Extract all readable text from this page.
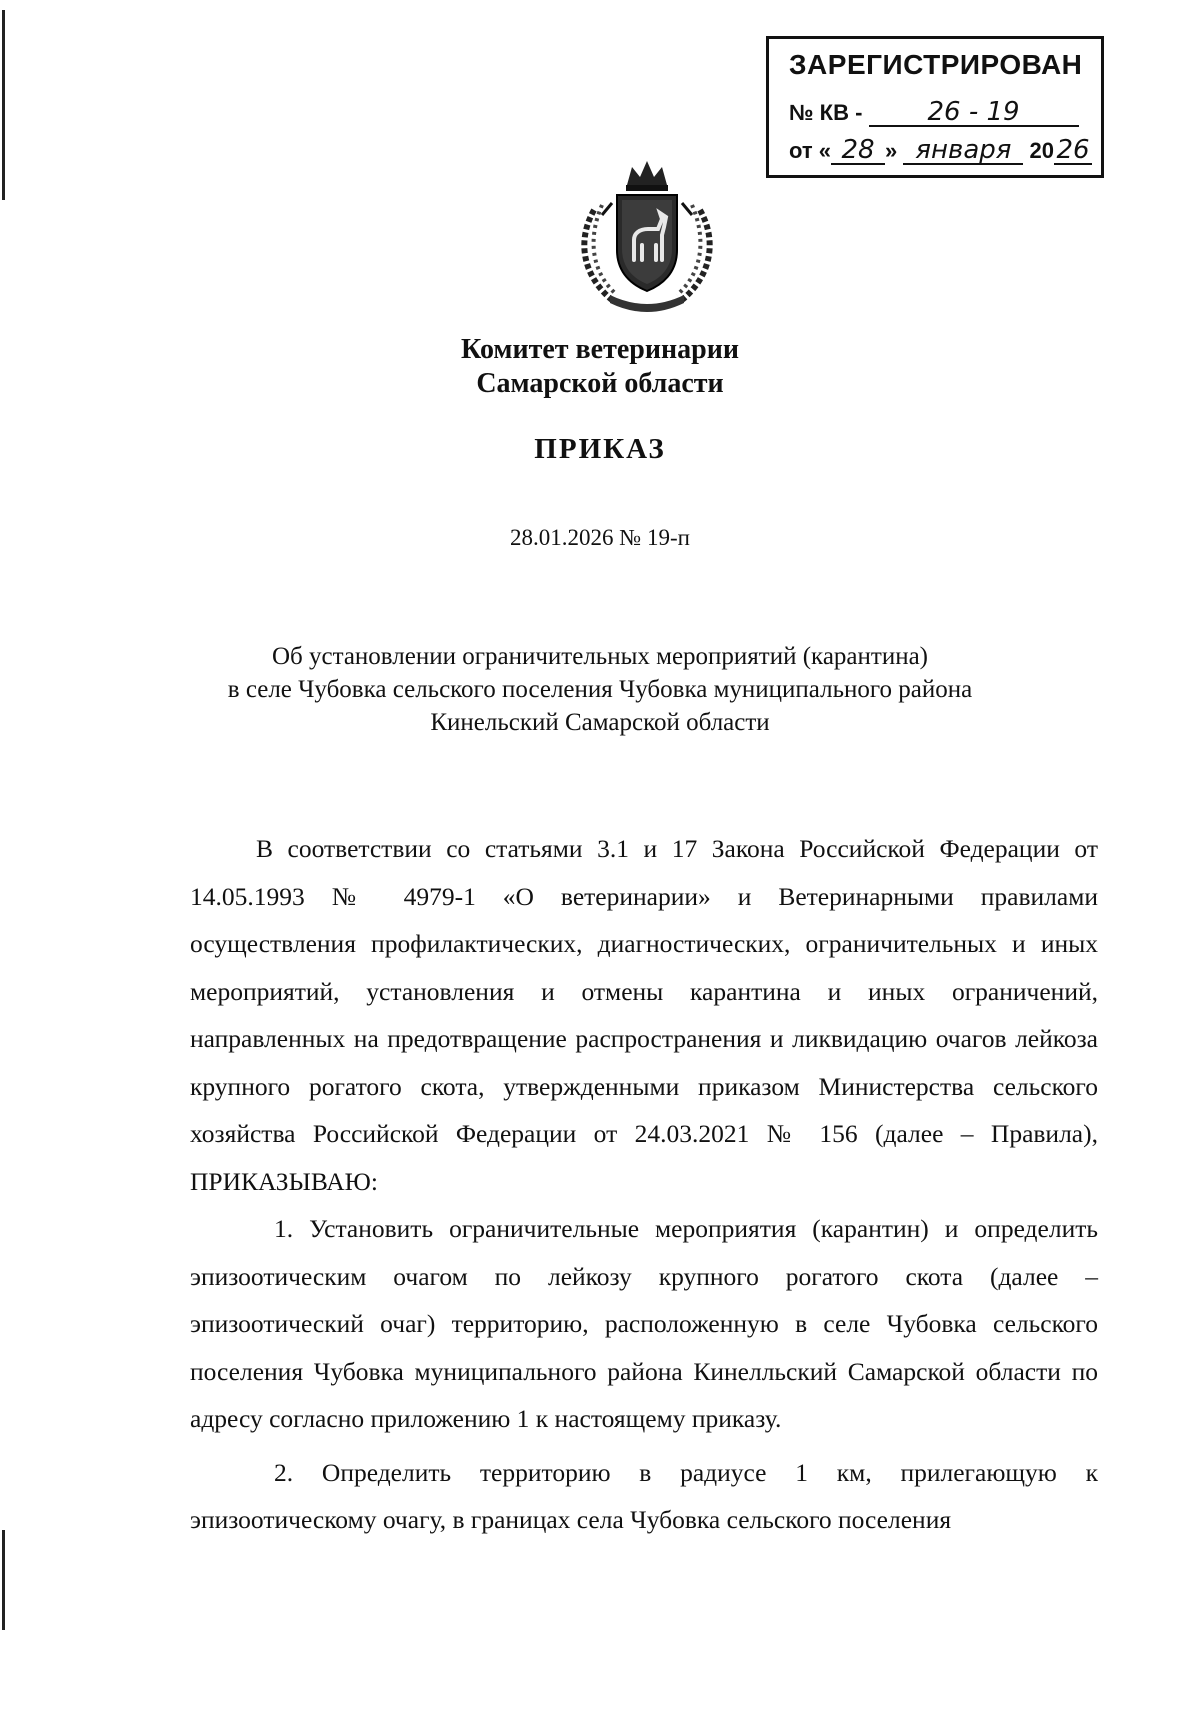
ЗАРЕГИСТРИРОВАН
№ КВ -	26 - 19
от « 28 » января 2026
Комитет ветеринарии
Самарской области
ПРИКАЗ
28.01.2026 № 19-п
Об установлении ограничительных мероприятий (карантина)
в селе Чубовка сельского поселения Чубовка муниципального района
Кинельский Самарской области

В соответствии со статьями 3.1 и 17 Закона Российской Федерации от 14.05.1993 № 4979-1 «О ветеринарии» и Ветеринарными правилами осуществления профилактических, диагностических, ограничительных и иных мероприятий, установления и отмены карантина и иных ограничений, направленных на предотвращение распространения и ликвидацию очагов лейкоза крупного рогатого скота, утвержденными приказом Министерства сельского хозяйства Российской Федерации от 24.03.2021 № 156 (далее – Правила), ПРИКАЗЫВАЮ:

1. Установить ограничительные мероприятия (карантин) и определить эпизоотическим очагом по лейкозу крупного рогатого скота (далее – эпизоотический очаг) территорию, расположенную в селе Чубовка сельского поселения Чубовка муниципального района Кинелльский Самарской области по адресу согласно приложению 1 к настоящему приказу.

2. Определить территорию в радиусе 1 км, прилегающую к эпизоотическому очагу, в границах села Чубовка сельского поселения
